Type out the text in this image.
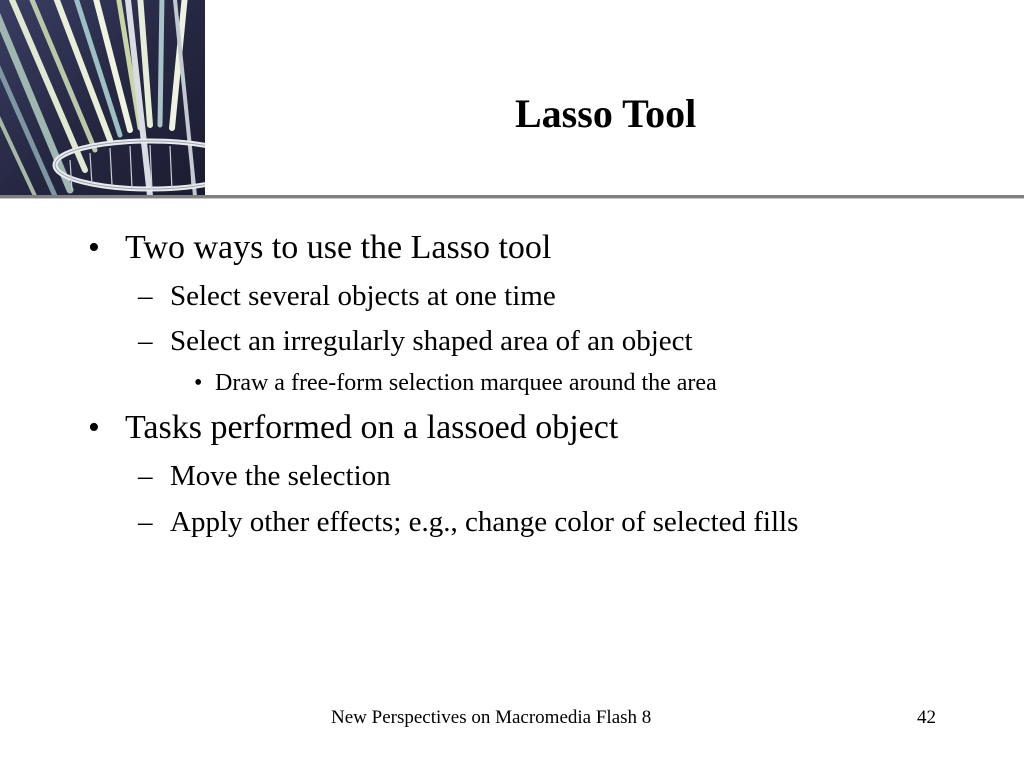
Lasso Tool
• Two ways to use the Lasso tool
– Select several objects at one time
– Select an irregularly shaped area of an object
• Draw a free-form selection marquee around the area
• Tasks performed on a lassoed object
– Move the selection
– Apply other effects; e.g., change color of selected fills
New Perspectives on Macromedia Flash 8	42
